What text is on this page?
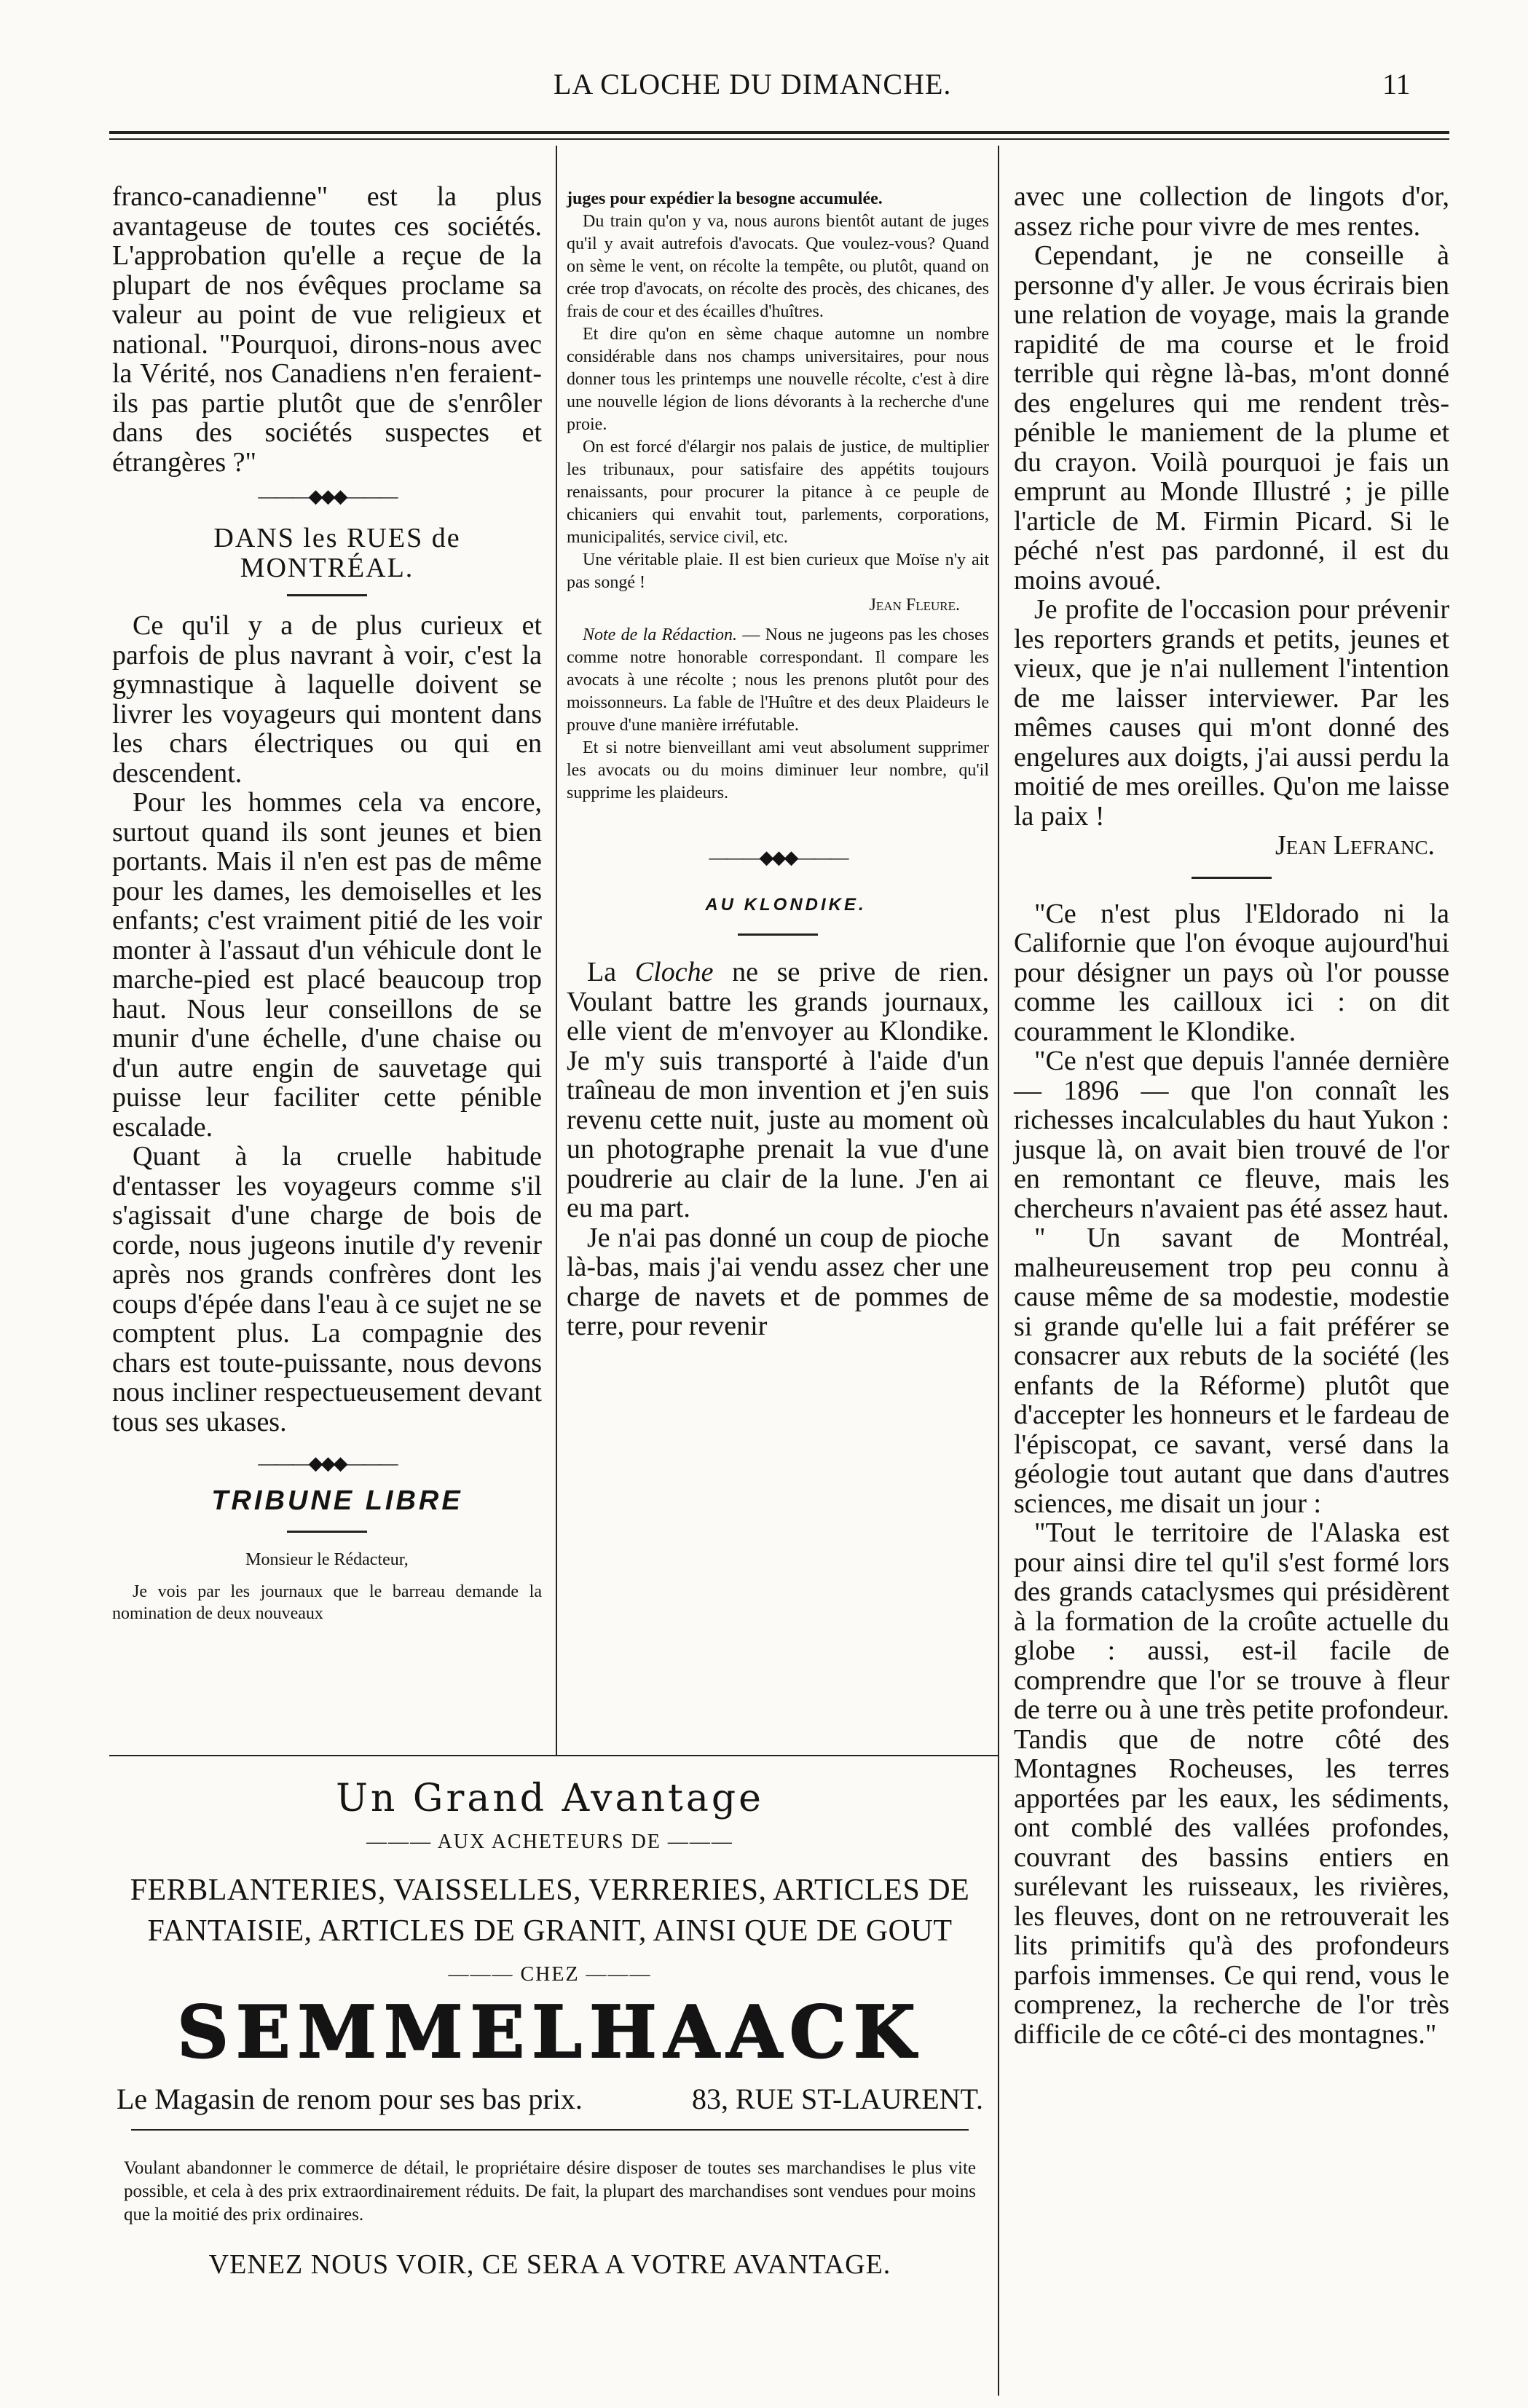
LA CLOCHE DU DIMANCHE.	11

franco-canadienne" est la plus avantageuse de toutes ces sociétés. L'approbation qu'elle a reçue de la plupart de nos évêques proclame sa valeur au point de vue religieux et national. "Pourquoi, dirons-nous avec la Vérité, nos Canadiens n'en feraient-ils pas partie plutôt que de s'enrôler dans des sociétés suspectes et étrangères ?"

———◆◆◆———

DANS les RUES de MONTRÉAL.

Ce qu'il y a de plus curieux et parfois de plus navrant à voir, c'est la gymnastique à laquelle doivent se livrer les voyageurs qui montent dans les chars électriques ou qui en descendent.

Pour les hommes cela va encore, surtout quand ils sont jeunes et bien portants. Mais il n'en est pas de même pour les dames, les demoiselles et les enfants; c'est vraiment pitié de les voir monter à l'assaut d'un véhicule dont le marche-pied est placé beaucoup trop haut. Nous leur conseillons de se munir d'une échelle, d'une chaise ou d'un autre engin de sauvetage qui puisse leur faciliter cette pénible escalade.

Quant à la cruelle habitude d'entasser les voyageurs comme s'il s'agissait d'une charge de bois de corde, nous jugeons inutile d'y revenir après nos grands confrères dont les coups d'épée dans l'eau à ce sujet ne se comptent plus. La compagnie des chars est toute-puissante, nous devons nous incliner respectueusement devant tous ses ukases.

———◆◆◆———

TRIBUNE LIBRE

Monsieur le Rédacteur,

Je vois par les journaux que le barreau demande la nomination de deux nouveaux

juges pour expédier la besogne accumulée.

Du train qu'on y va, nous aurons bientôt autant de juges qu'il y avait autrefois d'avocats. Que voulez-vous? Quand on sème le vent, on récolte la tempête, ou plutôt, quand on crée trop d'avocats, on récolte des procès, des chicanes, des frais de cour et des écailles d'huîtres.

Et dire qu'on en sème chaque automne un nombre considérable dans nos champs universitaires, pour nous donner tous les printemps une nouvelle récolte, c'est à dire une nouvelle légion de lions dévorants à la recherche d'une proie.

On est forcé d'élargir nos palais de justice, de multiplier les tribunaux, pour satisfaire des appétits toujours renaissants, pour procurer la pitance à ce peuple de chicaniers qui envahit tout, parlements, corporations, municipalités, service civil, etc.

Une véritable plaie. Il est bien curieux que Moïse n'y ait pas songé !

Jean Fleure.

Note de la Rédaction. — Nous ne jugeons pas les choses comme notre honorable correspondant. Il compare les avocats à une récolte ; nous les prenons plutôt pour des moissonneurs. La fable de l'Huître et des deux Plaideurs le prouve d'une manière irréfutable.

Et si notre bienveillant ami veut absolument supprimer les avocats ou du moins diminuer leur nombre, qu'il supprime les plaideurs.

———◆◆◆———

AU KLONDIKE.

La Cloche ne se prive de rien. Voulant battre les grands journaux, elle vient de m'envoyer au Klondike. Je m'y suis transporté à l'aide d'un traîneau de mon invention et j'en suis revenu cette nuit, juste au moment où un photographe prenait la vue d'une poudrerie au clair de la lune. J'en ai eu ma part.

Je n'ai pas donné un coup de pioche là-bas, mais j'ai vendu assez cher une charge de navets et de pommes de terre, pour revenir

avec une collection de lingots d'or, assez riche pour vivre de mes rentes.

Cependant, je ne conseille à personne d'y aller. Je vous écrirais bien une relation de voyage, mais la grande rapidité de ma course et le froid terrible qui règne là-bas, m'ont donné des engelures qui me rendent très-pénible le maniement de la plume et du crayon. Voilà pourquoi je fais un emprunt au Monde Illustré ; je pille l'article de M. Firmin Picard. Si le péché n'est pas pardonné, il est du moins avoué.

Je profite de l'occasion pour prévenir les reporters grands et petits, jeunes et vieux, que je n'ai nullement l'intention de me laisser interviewer. Par les mêmes causes qui m'ont donné des engelures aux doigts, j'ai aussi perdu la moitié de mes oreilles. Qu'on me laisse la paix !

Jean Lefranc.

"Ce n'est plus l'Eldorado ni la Californie que l'on évoque aujourd'hui pour désigner un pays où l'or pousse comme les cailloux ici : on dit couramment le Klondike.

"Ce n'est que depuis l'année dernière — 1896 — que l'on connaît les richesses incalculables du haut Yukon : jusque là, on avait bien trouvé de l'or en remontant ce fleuve, mais les chercheurs n'avaient pas été assez haut.

" Un savant de Montréal, malheureusement trop peu connu à cause même de sa modestie, modestie si grande qu'elle lui a fait préférer se consacrer aux rebuts de la société (les enfants de la Réforme) plutôt que d'accepter les honneurs et le fardeau de l'épiscopat, ce savant, versé dans la géologie tout autant que dans d'autres sciences, me disait un jour :

"Tout le territoire de l'Alaska est pour ainsi dire tel qu'il s'est formé lors des grands cataclysmes qui présidèrent à la formation de la croûte actuelle du globe : aussi, est-il facile de comprendre que l'or se trouve à fleur de terre ou à une très petite profondeur. Tandis que de notre côté des Montagnes Rocheuses, les terres apportées par les eaux, les sédiments, ont comblé des vallées profondes, couvrant des bassins entiers en surélevant les ruisseaux, les rivières, les fleuves, dont on ne retrouverait les lits primitifs qu'à des profondeurs parfois immenses. Ce qui rend, vous le comprenez, la recherche de l'or très difficile de ce côté-ci des montagnes."

Un Grand Avantage

——— AUX ACHETEURS DE ———
FERBLANTERIES, VAISSELLES, VERRERIES, ARTICLES DE
FANTAISIE, ARTICLES DE GRANIT, AINSI QUE DE GOUT
——— CHEZ ———
SEMMELHAACK
Le Magasin de renom pour ses bas prix.	83, RUE ST-LAURENT.
Voulant abandonner le commerce de détail, le propriétaire désire disposer de toutes ses marchandises le plus vite possible, et cela à des prix extraordinairement réduits. De fait, la plupart des marchandises sont vendues pour moins que la moitié des prix ordinaires.
VENEZ NOUS VOIR, CE SERA A VOTRE AVANTAGE.
